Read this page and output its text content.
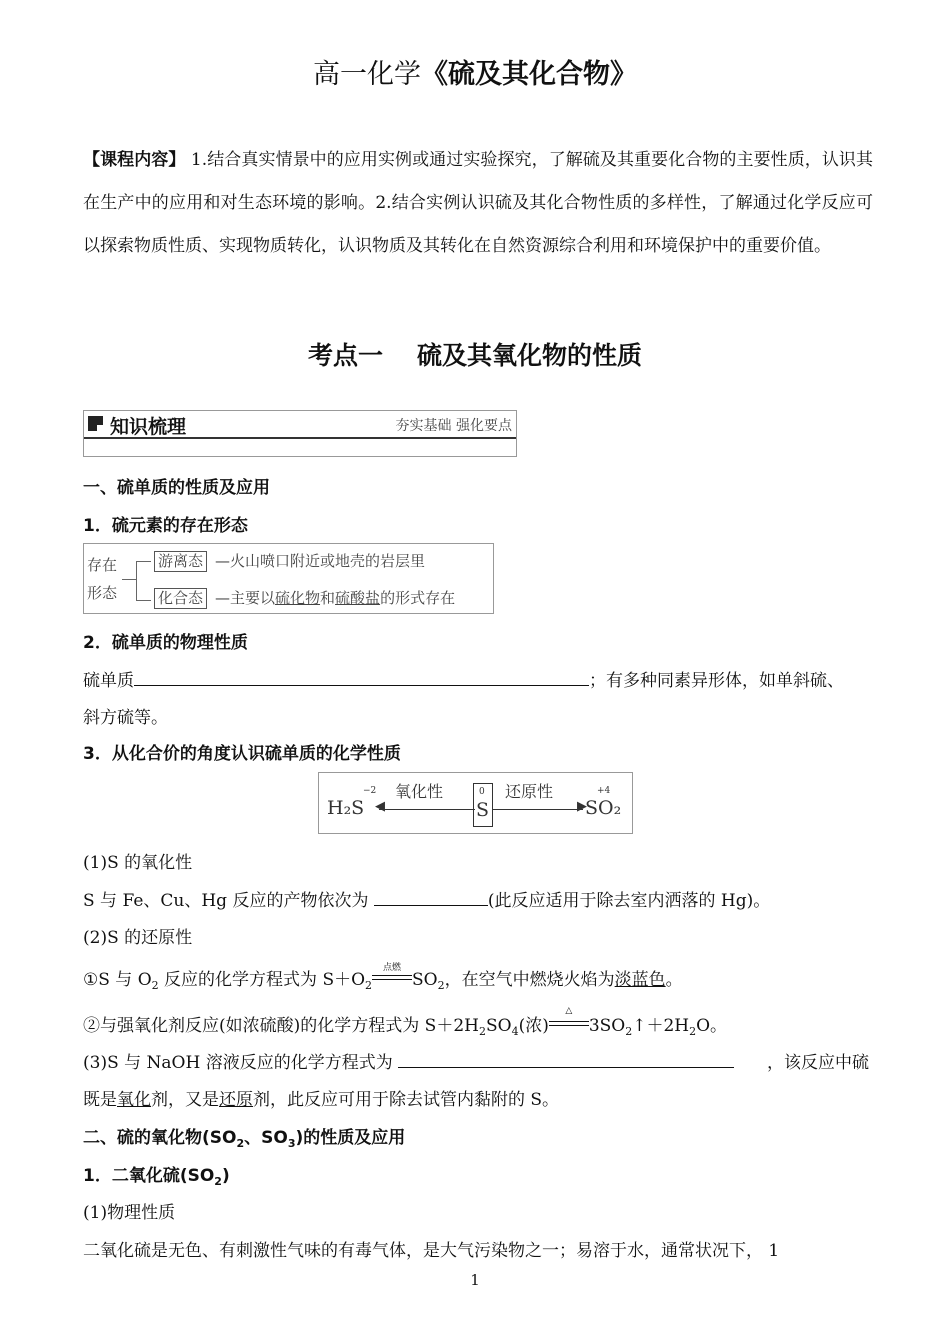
高一化学《硫及其化合物》
【课程内容】 1.结合真实情景中的应用实例或通过实验探究，了解硫及其重要化合物的主要性质，认识其在生产中的应用和对生态环境的影响。2.结合实例认识硫及其化合物性质的多样性，了解通过化学反应可以探索物质性质、实现物质转化，认识物质及其转化在自然资源综合利用和环境保护中的重要价值。
考点一 硫及其氧化物的性质
知识梳理	夯实基础 强化要点
一、硫单质的性质及应用
1．硫元素的存在形态
存在
形态
游离态 —火山喷口附近或地壳的岩层里
化合态 —主要以硫化物和硫酸盐的形式存在
2．硫单质的物理性质
硫单质	；有多种同素异形体，如单斜硫、
斜方硫等。
3．从化合价的角度认识硫单质的化学性质
H₂S
−2
◀
氧化性	0
S	▶
还原性	+4
SO₂
(1)S 的氧化性
S 与 Fe、Cu、Hg 反应的产物依次为	(此反应适用于除去室内洒落的 Hg)。
(2)S 的还原性
①S 与 $O_2$ 反应的化学方程式为 $S+O_2$
点燃
$SO_2$，在空气中燃烧火焰为淡蓝色。
②与强氧化剂反应(如浓硫酸)的化学方程式为 $S+2H_2SO_4$(浓)
△
$3SO_2↑+2H_2O$。
(3)S 与 NaOH 溶液反应的化学方程式为	，该反应中硫
既是氧化剂，又是还原剂，此反应可用于除去试管内黏附的 S。
二、硫的氧化物($SO_2$、$SO_3$)的性质及应用
1．二氧化硫$(SO_2)$
(1)物理性质
二氧化硫是无色、有刺激性气味的有毒气体，是大气污染物之一；易溶于水，通常状况下， 1
1
